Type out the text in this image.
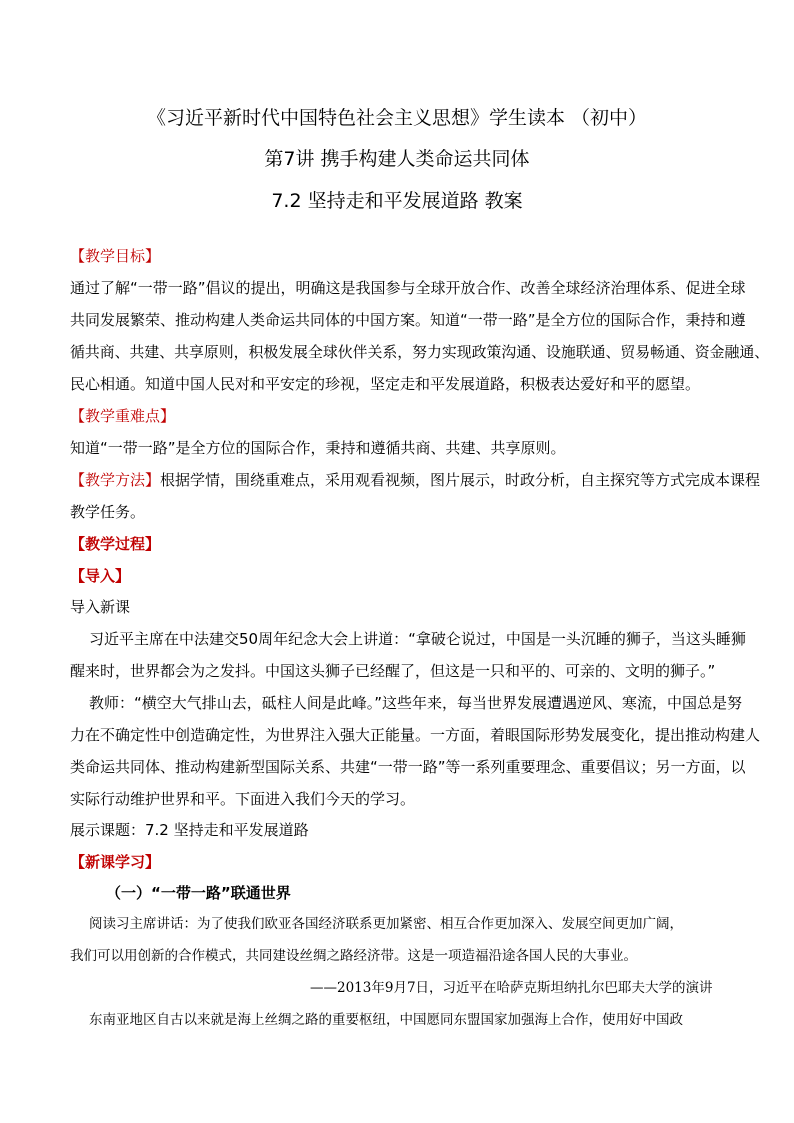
《习近平新时代中国特色社会主义思想》学生读本 （初中）
第7讲 携手构建人类命运共同体
7.2 坚持走和平发展道路 教案
【教学目标】
通过了解“一带一路”倡议的提出，明确这是我国参与全球开放合作、改善全球经济治理体系、促进全球
共同发展繁荣、推动构建人类命运共同体的中国方案。知道“一带一路”是全方位的国际合作，秉持和遵
循共商、共建、共享原则，积极发展全球伙伴关系，努力实现政策沟通、设施联通、贸易畅通、资金融通、
民心相通。知道中国人民对和平安定的珍视，坚定走和平发展道路，积极表达爱好和平的愿望。
【教学重难点】
知道“一带一路”是全方位的国际合作，秉持和遵循共商、共建、共享原则。
【教学方法】根据学情，围绕重难点，采用观看视频，图片展示，时政分析，自主探究等方式完成本课程
教学任务。
【教学过程】
【导入】
导入新课
习近平主席在中法建交50周年纪念大会上讲道：“拿破仑说过，中国是一头沉睡的狮子，当这头睡狮
醒来时，世界都会为之发抖。中国这头狮子已经醒了，但这是一只和平的、可亲的、文明的狮子。”
教师：“横空大气排山去，砥柱人间是此峰。”这些年来，每当世界发展遭遇逆风、寒流，中国总是努
力在不确定性中创造确定性，为世界注入强大正能量。一方面，着眼国际形势发展变化，提出推动构建人
类命运共同体、推动构建新型国际关系、共建“一带一路”等一系列重要理念、重要倡议；另一方面，以
实际行动维护世界和平。下面进入我们今天的学习。
展示课题：7.2 坚持走和平发展道路
【新课学习】
（一）“一带一路”联通世界
阅读习主席讲话：为了使我们欧亚各国经济联系更加紧密、相互合作更加深入、发展空间更加广阔，
我们可以用创新的合作模式，共同建设丝绸之路经济带。这是一项造福沿途各国人民的大事业。
——2013年9月7日，习近平在哈萨克斯坦纳扎尔巴耶夫大学的演讲
东南亚地区自古以来就是海上丝绸之路的重要枢纽，中国愿同东盟国家加强海上合作，使用好中国政
